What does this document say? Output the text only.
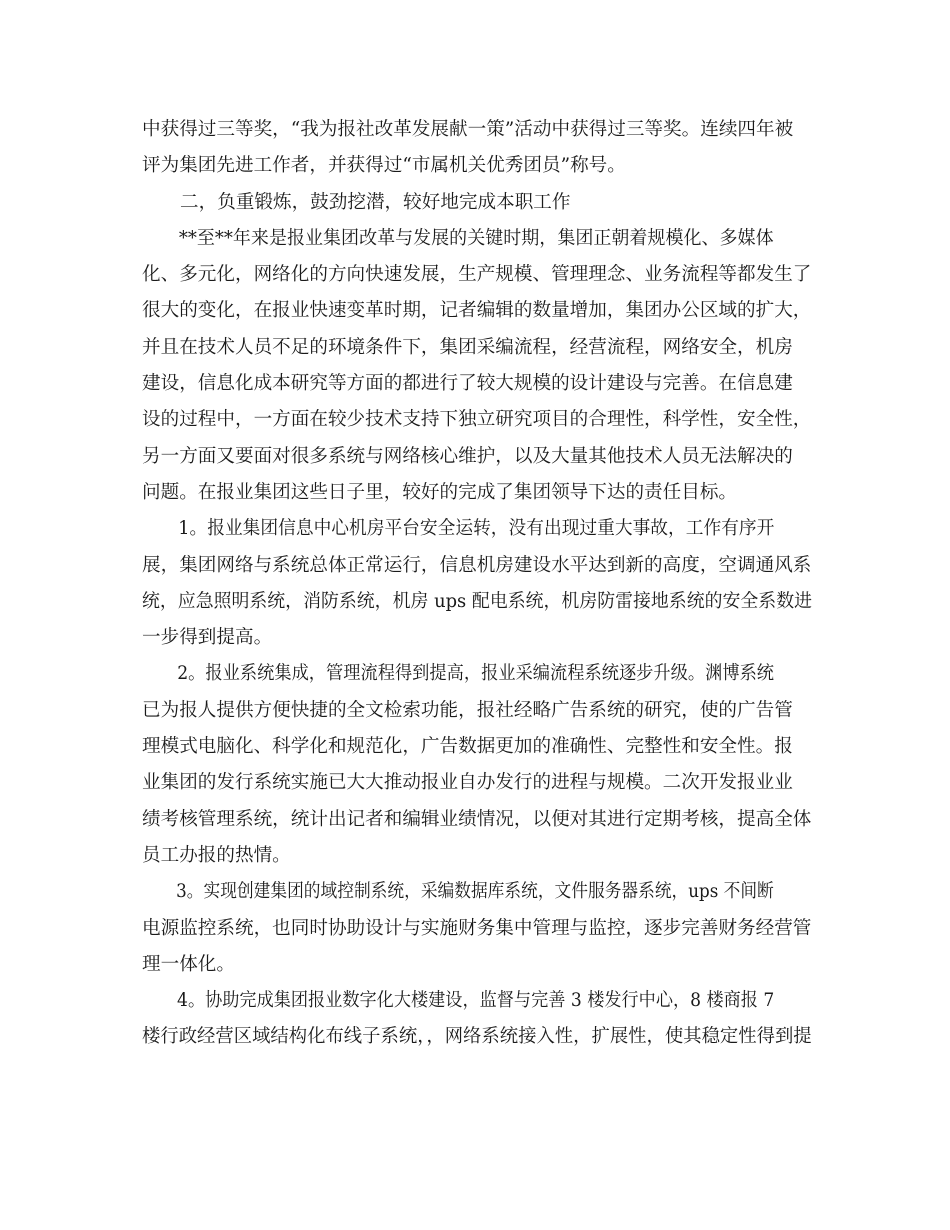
中获得过三等奖，“我为报社改革发展献一策”活动中获得过三等奖。连续四年被
评为集团先进工作者，并获得过“市属机关优秀团员”称号。
二，负重锻炼，鼓劲挖潜，较好地完成本职工作
**至**年来是报业集团改革与发展的关键时期，集团正朝着规模化、多媒体
化、多元化，网络化的方向快速发展，生产规模、管理理念、业务流程等都发生了
很大的变化，在报业快速变革时期，记者编辑的数量增加，集团办公区域的扩大，
并且在技术人员不足的环境条件下，集团采编流程，经营流程，网络安全，机房
建设，信息化成本研究等方面的都进行了较大规模的设计建设与完善。在信息建
设的过程中，一方面在较少技术支持下独立研究项目的合理性，科学性，安全性，
另一方面又要面对很多系统与网络核心维护，以及大量其他技术人员无法解决的
问题。在报业集团这些日子里，较好的完成了集团领导下达的责任目标。
1。报业集团信息中心机房平台安全运转，没有出现过重大事故，工作有序开
展，集团网络与系统总体正常运行，信息机房建设水平达到新的高度，空调通风系
统，应急照明系统，消防系统，机房 ups 配电系统，机房防雷接地系统的安全系数进
一步得到提高。
2。报业系统集成，管理流程得到提高，报业采编流程系统逐步升级。渊博系统
已为报人提供方便快捷的全文检索功能，报社经略广告系统的研究，使的广告管
理模式电脑化、科学化和规范化，广告数据更加的准确性、完整性和安全性。报
业集团的发行系统实施已大大推动报业自办发行的进程与规模。二次开发报业业
绩考核管理系统，统计出记者和编辑业绩情况，以便对其进行定期考核，提高全体
员工办报的热情。
3。实现创建集团的域控制系统，采编数据库系统，文件服务器系统，ups 不间断
电源监控系统，也同时协助设计与实施财务集中管理与监控，逐步完善财务经营管
理一体化。
4。协助完成集团报业数字化大楼建设，监督与完善 3 楼发行中心，8 楼商报 7
楼行政经营区域结构化布线子系统，，网络系统接入性，扩展性，使其稳定性得到提
